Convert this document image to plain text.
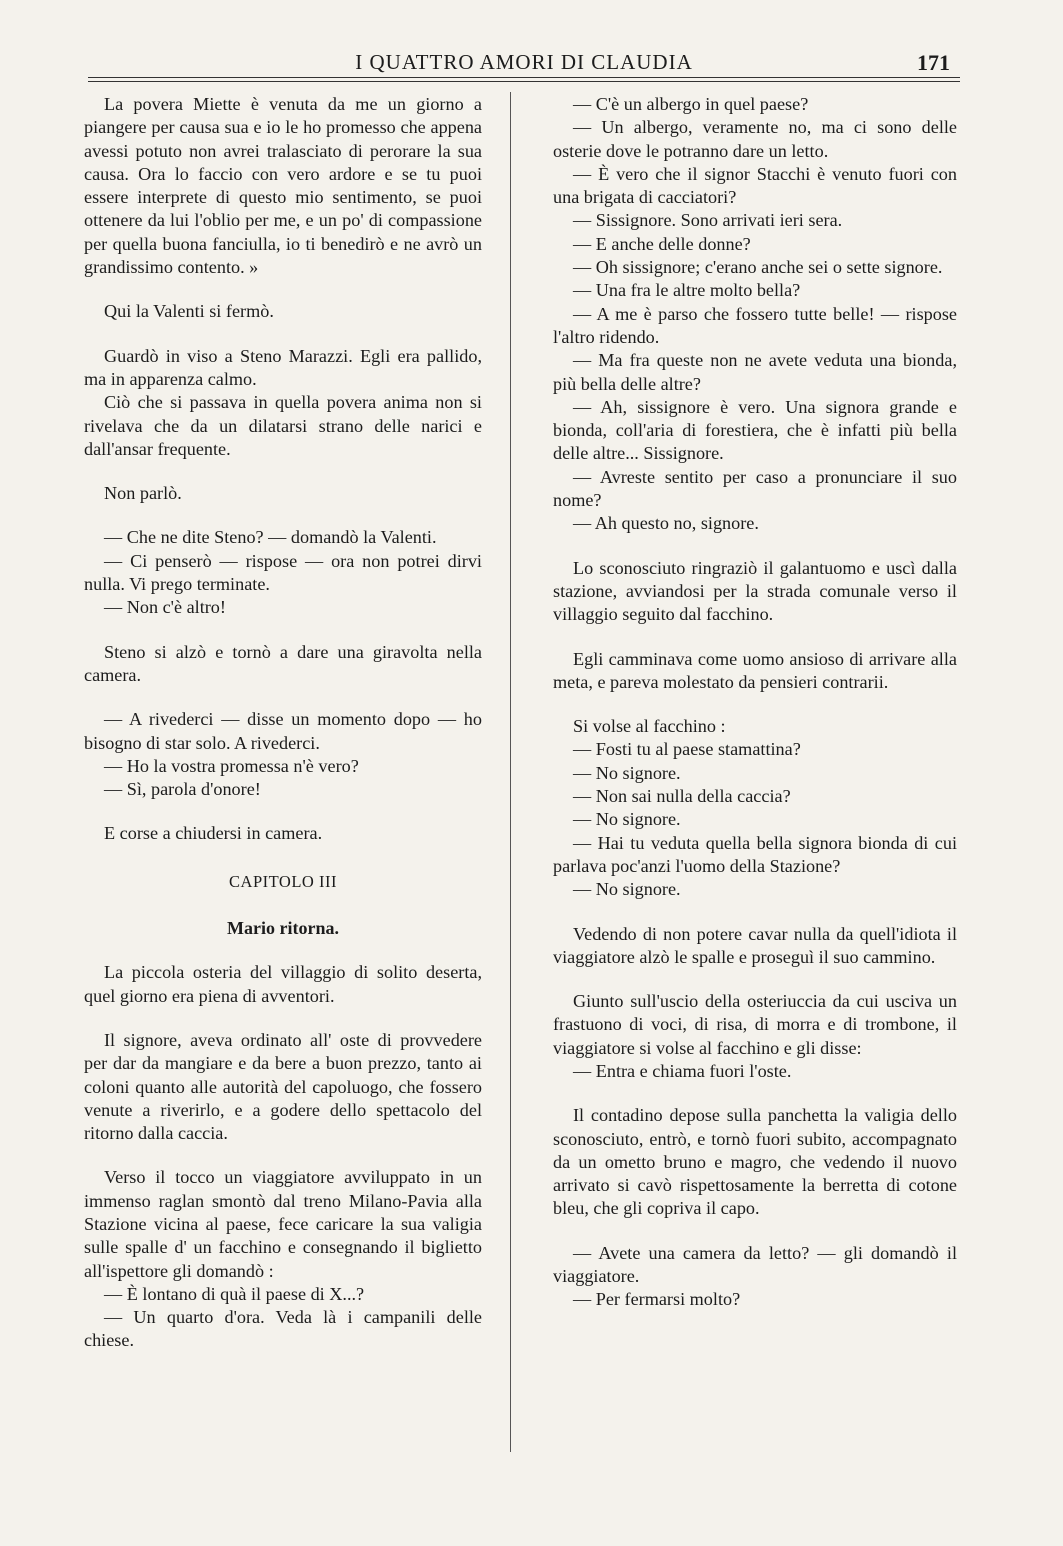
I QUATTRO AMORI DI CLAUDIA	171

La povera Miette è venuta da me un giorno a piangere per causa sua e io le ho promesso che appena avessi potuto non avrei tralasciato di perorare la sua causa. Ora lo faccio con vero ardore e se tu puoi essere interprete di questo mio sentimento, se puoi ottenere da lui l'oblio per me, e un po' di compassione per quella buona fanciulla, io ti benedirò e ne avrò un grandissimo contento. »

Qui la Valenti si fermò.

Guardò in viso a Steno Marazzi. Egli era pallido, ma in apparenza calmo.

Ciò che si passava in quella povera anima non si rivelava che da un dilatarsi strano delle narici e dall'ansar frequente.

Non parlò.

— Che ne dite Steno? — domandò la Valenti.

— Ci penserò — rispose — ora non potrei dirvi nulla. Vi prego terminate.

— Non c'è altro!

Steno si alzò e tornò a dare una giravolta nella camera.

— A rivederci — disse un momento dopo — ho bisogno di star solo. A rivederci.

— Ho la vostra promessa n'è vero?

— Sì, parola d'onore!

E corse a chiudersi in camera.

CAPITOLO III

Mario ritorna.

La piccola osteria del villaggio di solito deserta, quel giorno era piena di avventori.

Il signore, aveva ordinato all' oste di provvedere per dar da mangiare e da bere a buon prezzo, tanto ai coloni quanto alle autorità del capoluogo, che fossero venute a riverirlo, e a godere dello spettacolo del ritorno dalla caccia.

Verso il tocco un viaggiatore avviluppato in un immenso raglan smontò dal treno Milano-Pavia alla Stazione vicina al paese, fece caricare la sua valigia sulle spalle d' un facchino e consegnando il biglietto all'ispettore gli domandò :

— È lontano di quà il paese di X...?

— Un quarto d'ora. Veda là i campanili delle chiese.

— C'è un albergo in quel paese?

— Un albergo, veramente no, ma ci sono delle osterie dove le potranno dare un letto.

— È vero che il signor Stacchi è venuto fuori con una brigata di cacciatori?

— Sissignore. Sono arrivati ieri sera.

— E anche delle donne?

— Oh sissignore; c'erano anche sei o sette signore.

— Una fra le altre molto bella?

— A me è parso che fossero tutte belle! — rispose l'altro ridendo.

— Ma fra queste non ne avete veduta una bionda, più bella delle altre?

— Ah, sissignore è vero. Una signora grande e bionda, coll'aria di forestiera, che è infatti più bella delle altre... Sissignore.

— Avreste sentito per caso a pronunciare il suo nome?

— Ah questo no, signore.

Lo sconosciuto ringraziò il galantuomo e uscì dalla stazione, avviandosi per la strada comunale verso il villaggio seguito dal facchino.

Egli camminava come uomo ansioso di arrivare alla meta, e pareva molestato da pensieri contrarii.

Si volse al facchino :

— Fosti tu al paese stamattina?

— No signore.

— Non sai nulla della caccia?

— No signore.

— Hai tu veduta quella bella signora bionda di cui parlava poc'anzi l'uomo della Stazione?

— No signore.

Vedendo di non potere cavar nulla da quell'idiota il viaggiatore alzò le spalle e proseguì il suo cammino.

Giunto sull'uscio della osteriuccia da cui usciva un frastuono di voci, di risa, di morra e di trombone, il viaggiatore si volse al facchino e gli disse:

— Entra e chiama fuori l'oste.

Il contadino depose sulla panchetta la valigia dello sconosciuto, entrò, e tornò fuori subito, accompagnato da un ometto bruno e magro, che vedendo il nuovo arrivato si cavò rispettosamente la berretta di cotone bleu, che gli copriva il capo.

— Avete una camera da letto? — gli domandò il viaggiatore.

— Per fermarsi molto?
